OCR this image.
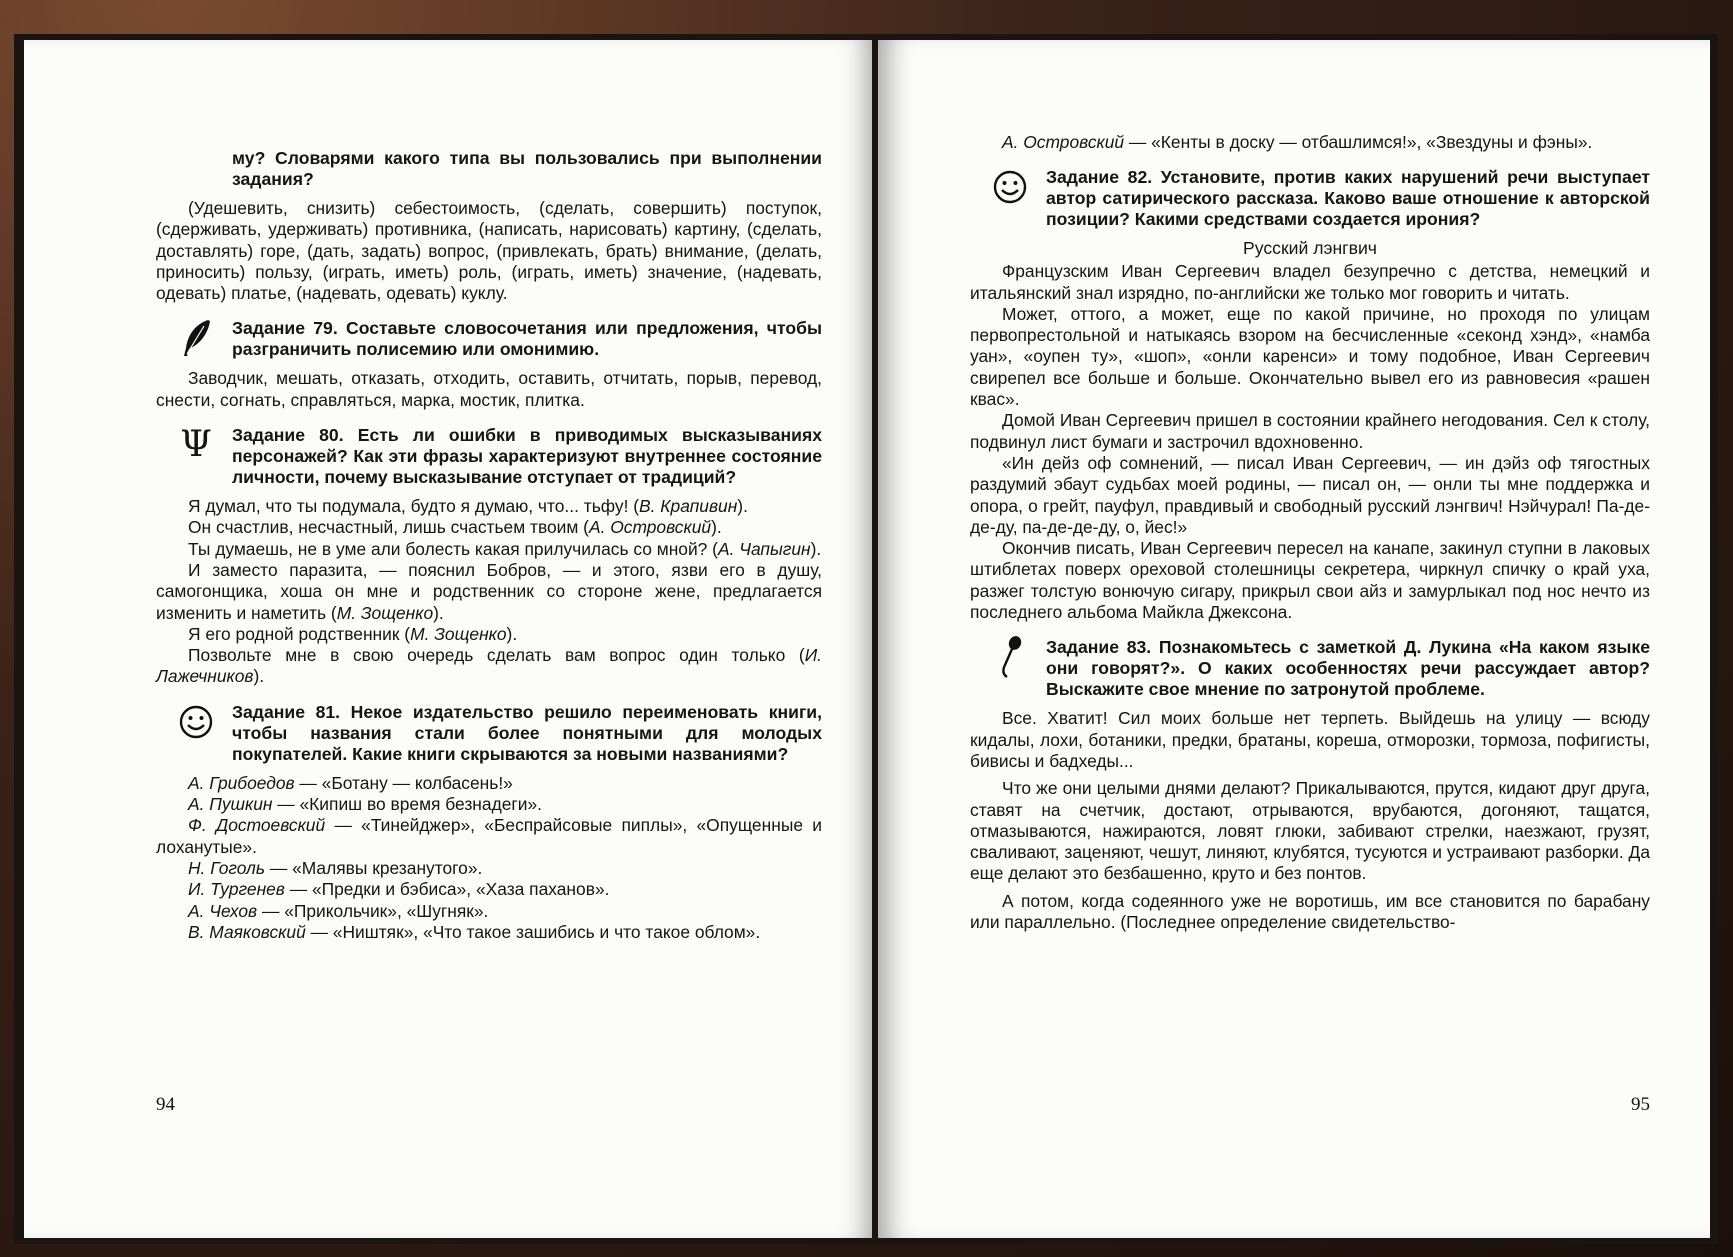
му? Словарями какого типа вы пользовались при выполнении задания?

(Удешевить, снизить) себестоимость, (сделать, совершить) поступок, (сдерживать, удерживать) противника, (написать, нарисовать) картину, (сделать, доставлять) горе, (дать, задать) вопрос, (привлекать, брать) внимание, (делать, приносить) пользу, (играть, иметь) роль, (играть, иметь) значение, (надевать, одевать) платье, (надевать, одевать) куклу.

Задание 79. Составьте словосочетания или предложения, чтобы разграничить полисемию или омонимию.

Заводчик, мешать, отказать, отходить, оставить, отчитать, порыв, перевод, снести, согнать, справляться, марка, мостик, плитка.

Ψ Задание 80. Есть ли ошибки в приводимых высказываниях персонажей? Как эти фразы характеризуют внутреннее состояние личности, почему высказывание отступает от традиций?

Я думал, что ты подумала, будто я думаю, что... тьфу! (В. Крапивин).

Он счастлив, несчастный, лишь счастьем твоим (А. Островский).

Ты думаешь, не в уме али болесть какая прилучилась со мной? (А. Чапыгин).

И заместо паразита, — пояснил Бобров, — и этого, язви его в душу, самогонщика, хоша он мне и родственник со стороне жене, предлагается изменить и наметить (М. Зощенко).

Я его родной родственник (М. Зощенко).

Позвольте мне в свою очередь сделать вам вопрос один только (И. Лажечников).

Задание 81. Некое издательство решило переименовать книги, чтобы названия стали более понятными для молодых покупателей. Какие книги скрываются за новыми названиями?

А. Грибоедов — «Ботану — колбасень!»

А. Пушкин — «Кипиш во время безнадеги».

Ф. Достоевский — «Тинейджер», «Беспрайсовые пиплы», «Опущенные и лоханутые».

Н. Гоголь — «Малявы крезанутого».

И. Тургенев — «Предки и бэбиса», «Хаза паханов».

А. Чехов — «Прикольчик», «Шугняк».

В. Маяковский — «Ништяк», «Что такое зашибись и что такое облом».

94

А. Островский — «Кенты в доску — отбашлимся!», «Звездуны и фэны».

Задание 82. Установите, против каких нарушений речи выступает автор сатирического рассказа. Каково ваше отношение к авторской позиции? Какими средствами создается ирония?
Русский лэнгвич

Французским Иван Сергеевич владел безупречно с детства, немецкий и итальянский знал изрядно, по-английски же только мог говорить и читать.

Может, оттого, а может, еще по какой причине, но проходя по улицам первопрестольной и натыкаясь взором на бесчисленные «секонд хэнд», «намба уан», «оупен ту», «шоп», «онли каренси» и тому подобное, Иван Сергеевич свирепел все больше и больше. Окончательно вывел его из равновесия «рашен квас».

Домой Иван Сергеевич пришел в состоянии крайнего негодования. Сел к столу, подвинул лист бумаги и застрочил вдохновенно.

«Ин дейз оф сомнений, — писал Иван Сергеевич, — ин дэйз оф тягостных раздумий эбаут судьбах моей родины, — писал он, — онли ты мне поддержка и опора, о грейт, пауфул, правдивый и свободный русский лэнгвич! Нэйчурал! Па-де-де-ду, па-де-де-ду, о, йес!»

Окончив писать, Иван Сергеевич пересел на канапе, закинул ступни в лаковых штиблетах поверх ореховой столешницы секретера, чиркнул спичку о край уха, разжег толстую вонючую сигару, прикрыл свои айз и замурлыкал под нос нечто из последнего альбома Майкла Джексона.

Задание 83. Познакомьтесь с заметкой Д. Лукина «На каком языке они говорят?». О каких особенностях речи рассуждает автор? Выскажите свое мнение по затронутой проблеме.

Все. Хватит! Сил моих больше нет терпеть. Выйдешь на улицу — всюду кидалы, лохи, ботаники, предки, братаны, кореша, отморозки, тормоза, пофигисты, бивисы и бадхеды...

Что же они целыми днями делают? Прикалываются, прутся, кидают друг друга, ставят на счетчик, достают, отрываются, врубаются, догоняют, тащатся, отмазываются, нажираются, ловят глюки, забивают стрелки, наезжают, грузят, сваливают, заценяют, чешут, линяют, клубятся, тусуются и устраивают разборки. Да еще делают это безбашенно, круто и без понтов.

А потом, когда содеянного уже не воротишь, им все становится по барабану или параллельно. (Последнее определение свидетельство-

95
